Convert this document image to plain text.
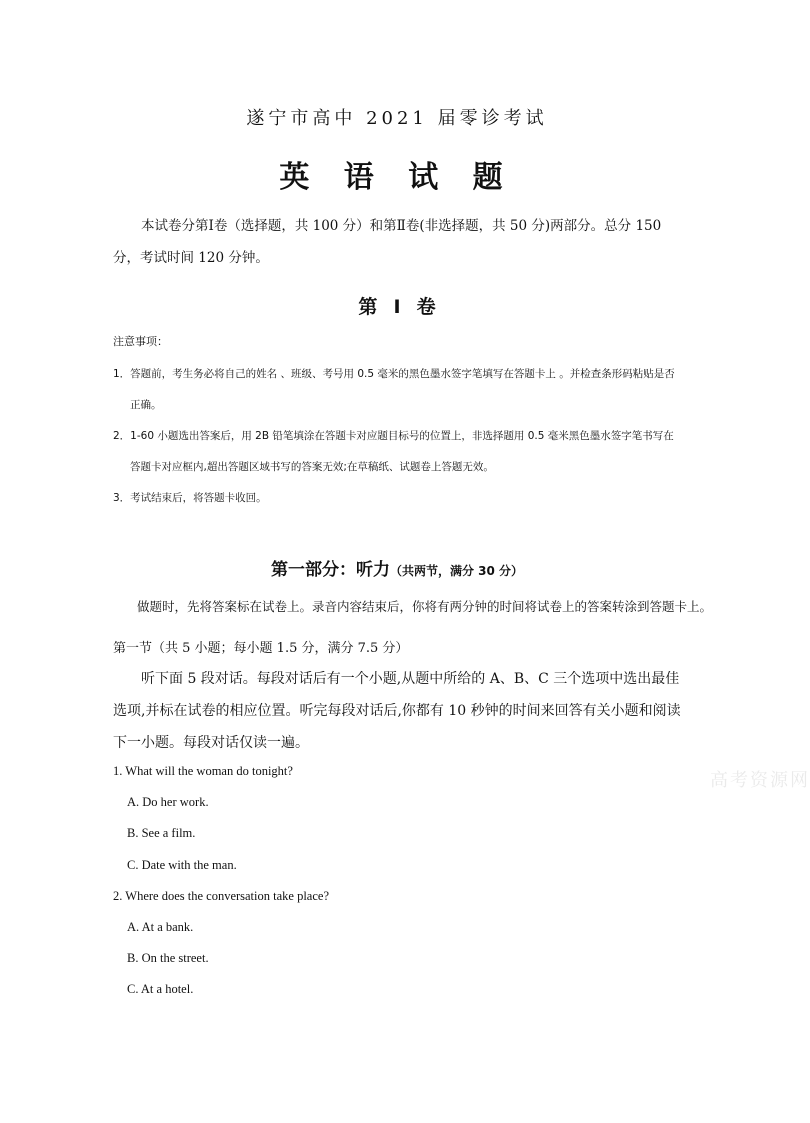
遂宁市高中 2021 届零诊考试
英 语 试 题
本试卷分第Ⅰ卷（选择题，共 100 分）和第Ⅱ卷(非选择题，共 50 分)两部分。总分 150 分，考试时间 120 分钟。
第 Ⅰ 卷
注意事项：
1．答题前，考生务必将自己的姓名 、班级、考号用 0.5 毫米的黑色墨水签字笔填写在答题卡上 。并检查条形码粘贴是否
正确。
2．1-60 小题选出答案后，用 2B 铅笔填涂在答题卡对应题目标号的位置上，非选择题用 0.5 毫米黑色墨水签字笔书写在
答题卡对应框内,超出答题区域书写的答案无效;在草稿纸、试题卷上答题无效。
3．考试结束后，将答题卡收回。
第一部分：听力（共两节，满分 30 分）
做题时，先将答案标在试卷上。录音内容结束后，你将有两分钟的时间将试卷上的答案转涂到答题卡上。
第一节（共 5 小题；每小题 1.5 分，满分 7.5 分）
听下面 5 段对话。每段对话后有一个小题,从题中所给的 A、B、C 三个选项中选出最佳选项,并标在试卷的相应位置。听完每段对话后,你都有 10 秒钟的时间来回答有关小题和阅读下一小题。每段对话仅读一遍。
1. What will the woman do tonight?
A. Do her work.
B. See a film.
C. Date with the man.
2. Where does the conversation take place?
A. At a bank.
B. On the street.
C. At a hotel.
高考资源网
